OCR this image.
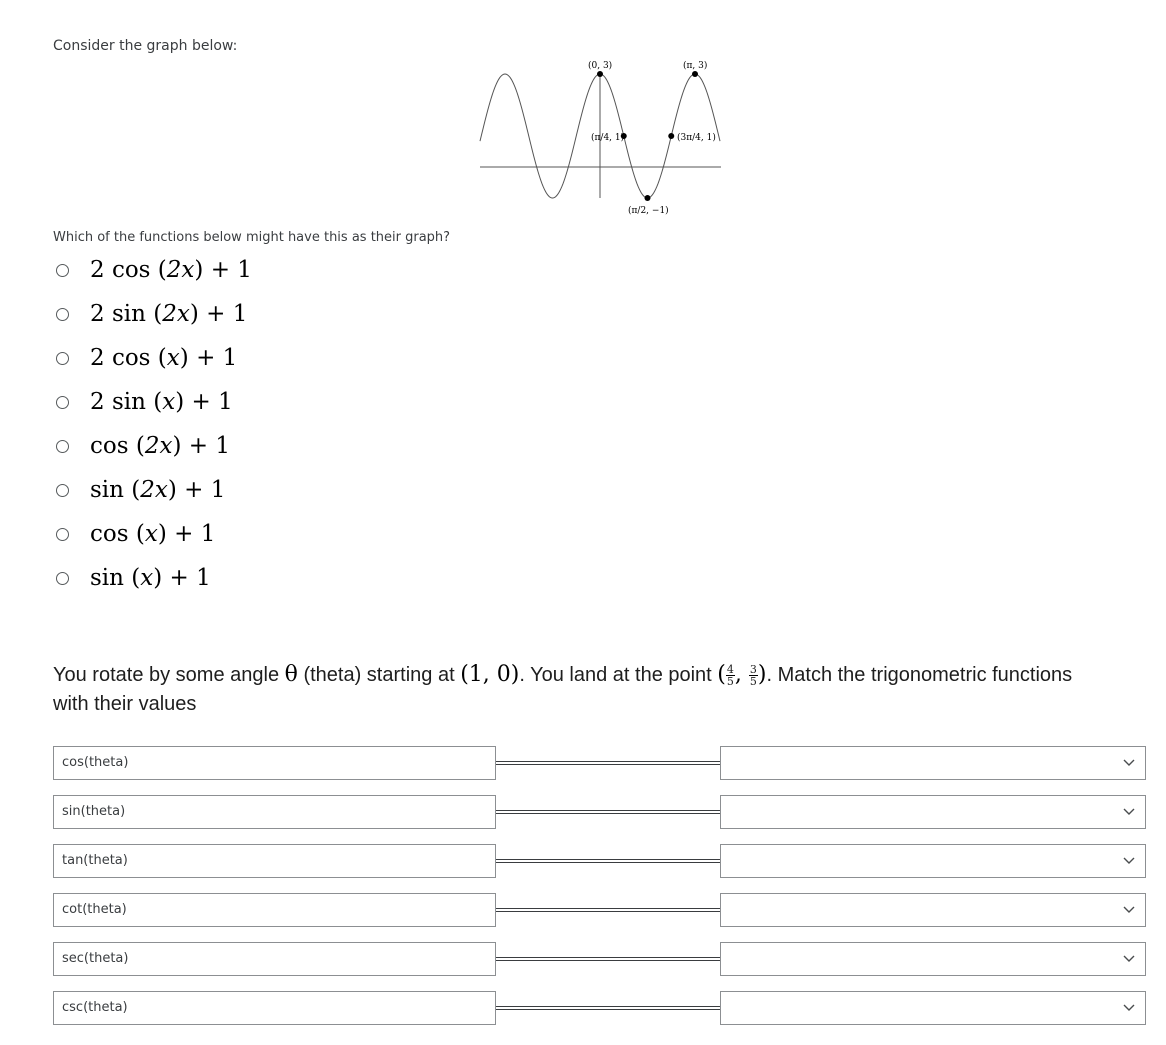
Consider the graph below:
(0, 3)	(π, 3)
(π/4, 1)	(3π/4, 1)
(π/2, −1)
Which of the functions below might have this as their graph?
2 cos (2x) + 1
2 sin (2x) + 1
2 cos (x) + 1
2 sin (x) + 1
cos (2x) + 1
sin (2x) + 1
cos (x) + 1
sin (x) + 1
You rotate by some angle θ (theta) starting at (1, 0). You land at the point ( $\frac{4}{5}$ , $\frac{3}{5}$ ). Match the trigonometric functions with their values
cos(theta)
sin(theta)
tan(theta)
cot(theta)
sec(theta)
csc(theta)
